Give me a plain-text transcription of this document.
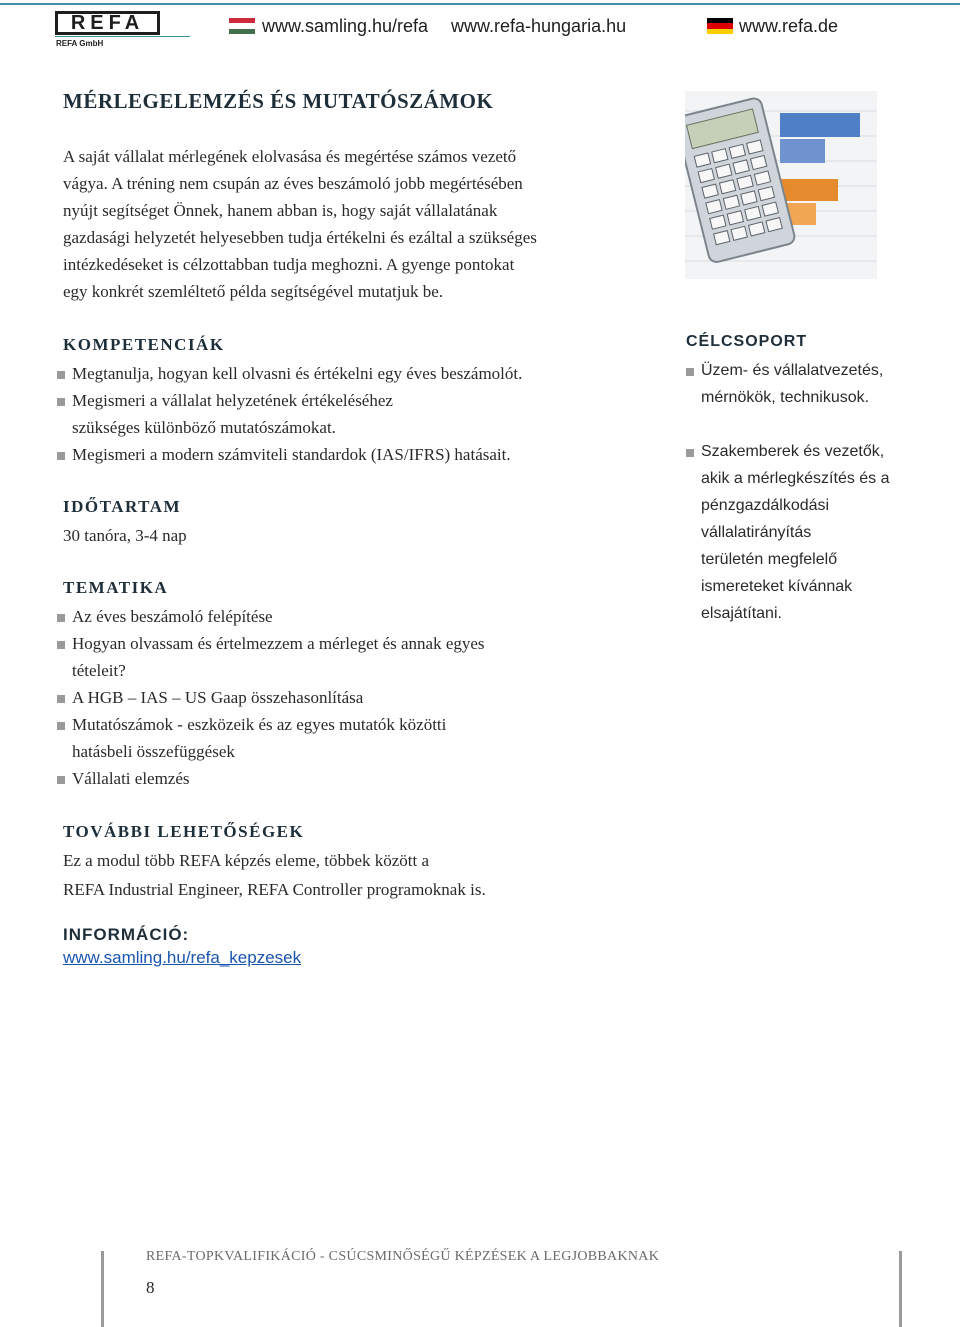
REFA
REFA GmbH
www.samling.hu/refa www.refa-hungaria.hu	www.refa.de
MÉRLEGELEMZÉS ÉS MUTATÓSZÁMOK
A saját vállalat mérlegének elolvasása és megértése számos vezető
vágya. A tréning nem csupán az éves beszámoló jobb megértésében
nyújt segítséget Önnek, hanem abban is, hogy saját vállalatának
gazdasági helyzetét helyesebben tudja értékelni és ezáltal a szükséges
intézkedéseket is célzottabban tudja meghozni. A gyenge pontokat
egy konkrét szemléltető példa segítségével mutatjuk be.
KOMPETENCIÁK
Megtanulja, hogyan kell olvasni és értékelni egy éves beszámolót.
Megismeri a vállalat helyzetének értékeléséhez
szükséges különböző mutatószámokat.
Megismeri a modern számviteli standardok (IAS/IFRS) hatásait.
IDŐTARTAM
30 tanóra, 3-4 nap
TEMATIKA
Az éves beszámoló felépítése
Hogyan olvassam és értelmezzem a mérleget és annak egyes
tételeit?
A HGB – IAS – US Gaap összehasonlítása
Mutatószámok - eszközeik és az egyes mutatók közötti
hatásbeli összefüggések
Vállalati elemzés
TOVÁBBI LEHETŐSÉGEK
Ez a modul több REFA képzés eleme, többek között a
REFA Industrial Engineer, REFA Controller programoknak is.
INFORMÁCIÓ:
www.samling.hu/refa_kepzesek
CÉLCSOPORT
Üzem- és vállalatvezetés,
mérnökök, technikusok.
Szakemberek és vezetők,
akik a mérlegkészítés és a
pénzgazdálkodási
vállalatirányítás
területén megfelelő
ismereteket kívánnak
elsajátítani.
REFA-TOPKVALIFIKÁCIÓ - CSÚCSMINŐSÉGŰ KÉPZÉSEK A LEGJOBBAKNAK
8
